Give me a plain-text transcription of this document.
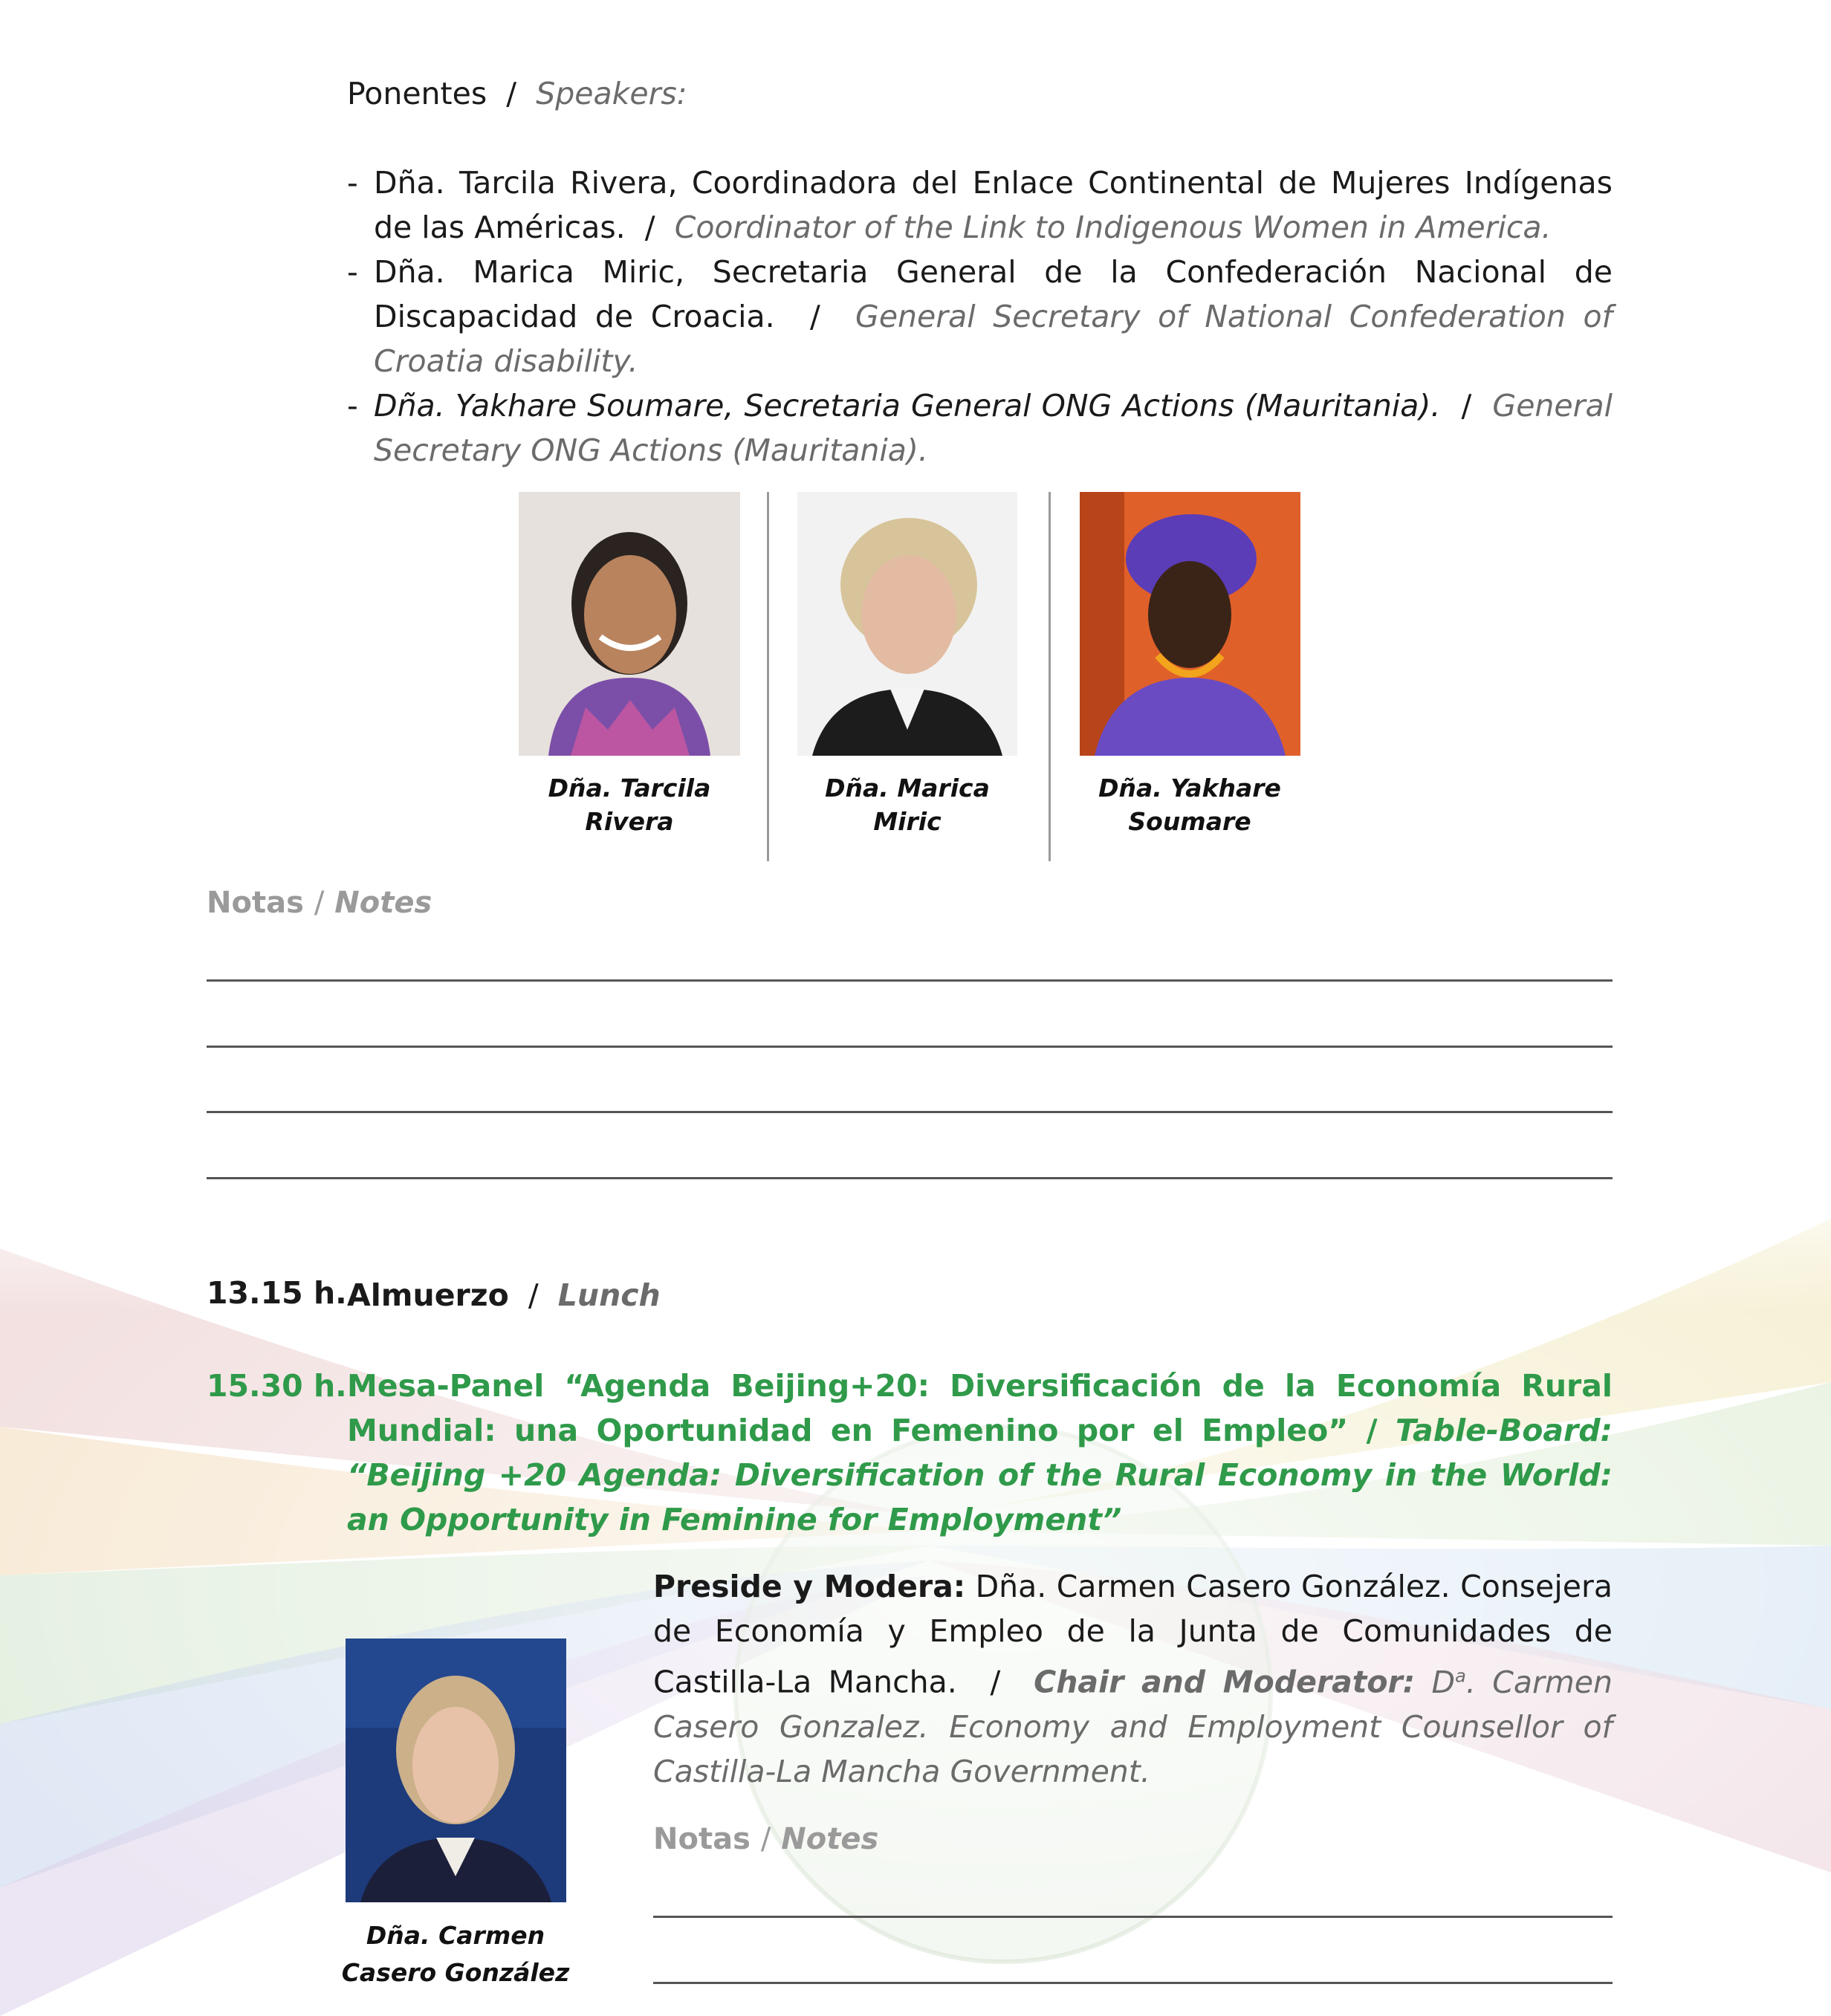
Ponentes / Speakers:
- Dña. Tarcila Rivera, Coordinadora del Enlace Continental de Mujeres Indígenas de las Américas. / Coordinator of the Link to Indigenous Women in America.
- Dña. Marica Miric, Secretaria General de la Confederación Nacional de Discapacidad de Croacia. / General Secretary of National Confederation of Croatia disability.
- Dña. Yakhare Soumare, Secretaria General ONG Actions (Mauritania). / General Secretary ONG Actions (Mauritania).
Dña. Tarcila Rivera
Dña. Marica Miric
Dña. Yakhare
Soumare
Notas / Notes
13.15 h. Almuerzo / Lunch
15.30 h. Mesa-Panel “Agenda Beijing+20: Diversificación de la Economía Rural Mundial: una Oportunidad en Femenino por el Empleo” / Table-Board: “Beijing +20 Agenda: Diversification of the Rural Economy in the World: an Opportunity in Feminine for Employment”
Dña. Carmen
Casero González
Preside y Modera: Dña. Carmen Casero González. Consejera de Economía y Empleo de la Junta de Comunidades de Castilla-La Mancha. / Chair and Moderator: $D^a$. Carmen Casero Gonzalez. Economy and Employment Counsellor of Castilla-La Mancha Government.
Notas / Notes
